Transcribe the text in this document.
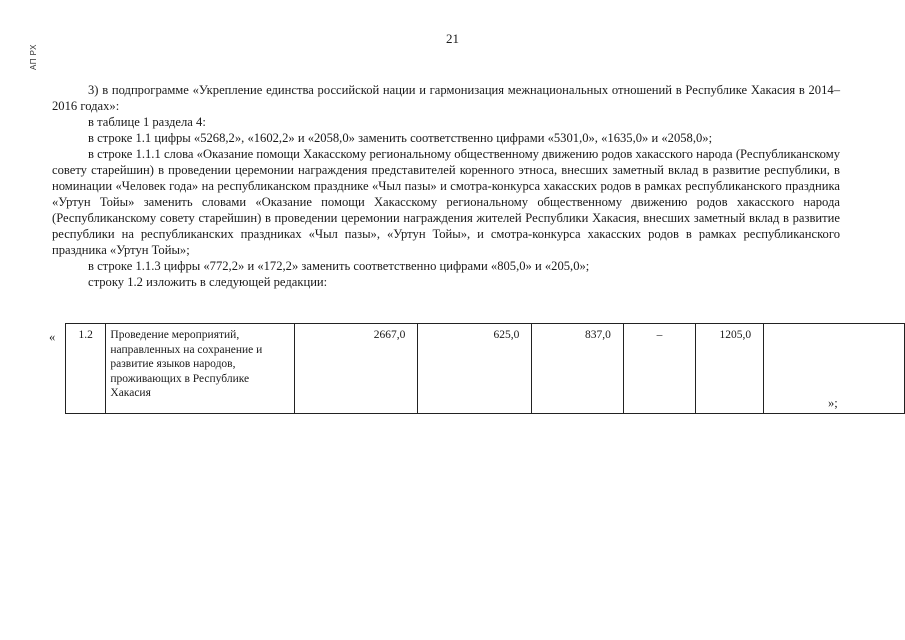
21
АП РХ

3) в подпрограмме «Укрепление единства российской нации и гармонизация межнациональных отношений в Республике Хакасия в 2014–2016 годах»:

в таблице 1 раздела 4:

в строке 1.1 цифры «5268,2», «1602,2» и «2058,0» заменить соответственно цифрами «5301,0», «1635,0» и «2058,0»;

в строке 1.1.1 слова «Оказание помощи Хакасскому региональному общественному движению родов хакасского народа (Республиканскому совету старейшин) в проведении церемонии награждения представителей коренного этноса, внесших заметный вклад в развитие республики, в номинации «Человек года» на республиканском празднике «Чыл пазы» и смотра-конкурса хакасских родов в рамках республиканского праздника «Уртун Тойы» заменить словами «Оказание помощи Хакасскому региональному общественному движению родов хакасского народа (Республиканскому совету старейшин) в проведении церемонии награждения жителей Республики Хакасия, внесших заметный вклад в развитие республики на республиканских праздниках «Чыл пазы», «Уртун Тойы», и смотра-конкурса хакасских родов в рамках республиканского праздника «Уртун Тойы»;

в строке 1.1.3 цифры «772,2» и «172,2» заменить соответственно цифрами «805,0» и «205,0»;

строку 1.2 изложить в следующей редакции:

« 1.2	Проведение мероприятий, направленных на сохранение и развитие языков народов, проживающих в Республике Хакасия	2667,0	625,0	837,0	–	1205,0	
»;
